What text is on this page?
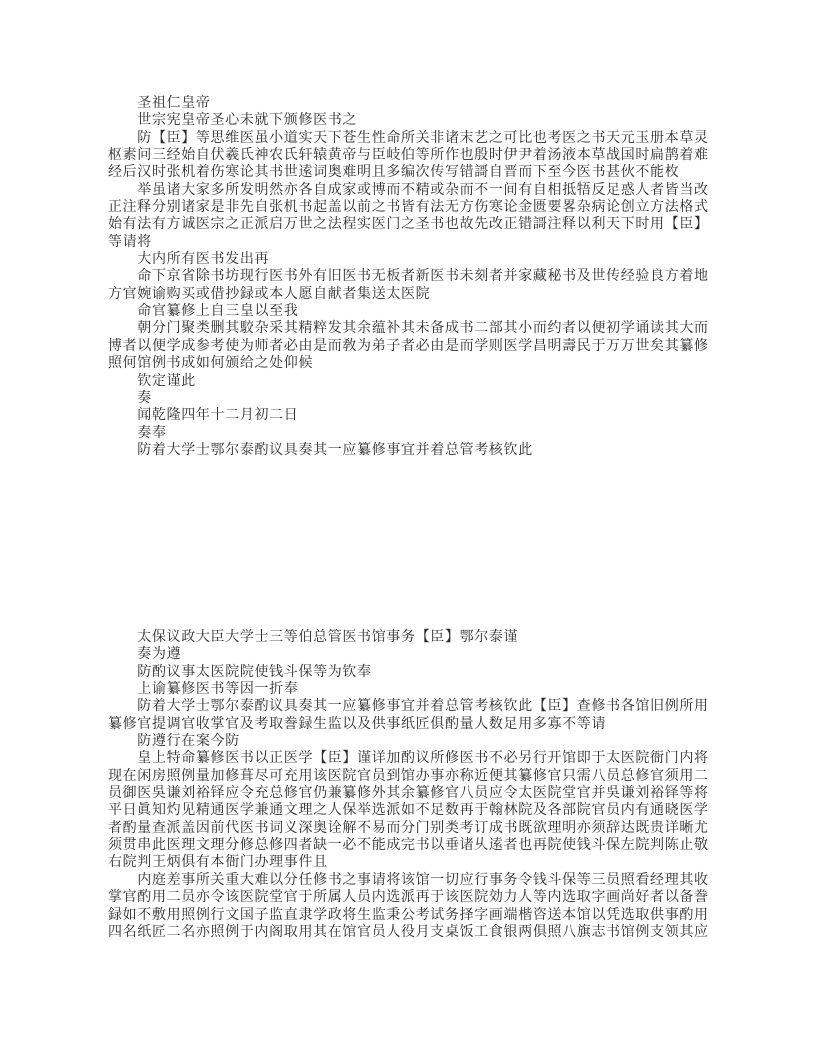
圣祖仁皇帝
世宗宪皇帝圣心未就下颁修医书之
防【臣】等思维医虽小道实天下苍生性命所关非诸末艺之可比也考医之书天元玉册本草灵
枢素问三经始自伏羲氏神农氏轩辕黄帝与臣岐伯等所作也殷时伊尹着汤液本草战国时扁鹊着难
经后汉时张机着伤寒论其书世逺词奥难明且多编次传写错謌自晋而下至今医书甚伙不能枚
举虽诸大家多所发明然亦各自成家或博而不精或杂而不一间有自相抵牾反足惑人者皆当改
正注释分别诸家是非先自张机书起盖以前之书皆有法无方伤寒论金匮要畧杂病论创立方法格式
始有法有方诚医宗之正派启万世之法程实医门之圣书也故先改正错謌注释以利天下时用【臣】
等请将
大内所有医书发出再
命下京省除书坊现行医书外有旧医书无板者新医书未刻者并家藏秘书及世传经验良方着地
方官婉谕购买或借抄録或本人愿自献者集送太医院
命官纂修上自三皇以至我
朝分门聚类删其駮杂采其精粹发其余蕴补其未备成书二部其小而约者以便初学诵读其大而
博者以便学成参考使为师者必由是而敎为弟子者必由是而学则医学昌明壽民于万万世矣其纂修
照何馆例书成如何颁给之处仰候
钦定谨此
奏
闻乾隆四年十二月初二日
奏奉
防着大学士鄂尔泰酌议具奏其一应纂修事宜并着总管考核钦此
太保议政大臣大学士三等伯总管医书馆事务【臣】鄂尔泰谨
奏为遵
防酌议事太医院院使钱斗保等为钦奉
上谕纂修医书等因一折奉
防着大学士鄂尔泰酌议具奏其一应纂修事宜并着总管考核钦此【臣】查修书各馆旧例所用
纂修官提调官收掌官及考取誊録生监以及供事纸匠俱酌量人数足用多寡不等请
防遵行在案今防
皇上特命纂修医书以正医学【臣】谨详加酌议所修医书不必另行开馆即于太医院衙门内将
现在闲房照例量加修葺尽可充用该医院官员到馆办事亦称近便其纂修官只需八员总修官须用二
员御医吳谦刘裕铎应令充总修官仍兼纂修外其余纂修官八员应令太医院堂官并吳谦刘裕铎等将
平日眞知灼见精通医学兼通文理之人保举选派如不足数再于翰林院及各部院官员内有通晓医学
者酌量查派盖因前代医书词义深奥诠解不易而分门别类考订成书既欲理明亦须辞达既贵详晰尤
须贯串此医理文理分修总修四者缺一必不能成完书以垂诸乆逺者也再院使钱斗保左院判陈止敬
右院判王炳俱有本衙门办理事件且
内庭差事所关重大难以分任修书之事请将该馆一切应行事务令钱斗保等三员照看经理其收
掌官酌用二员亦令该医院堂官于所属人员内选派再于该医院効力人等内选取字画尚好者以备誊
録如不敷用照例行文国子监直隶学政将生监秉公考试务择字画端楷咨送本馆以凭选取供事酌用
四名纸匠二名亦照例于内阁取用其在馆官员人役月支桌饭工食银两俱照八旗志书馆例支领其应
